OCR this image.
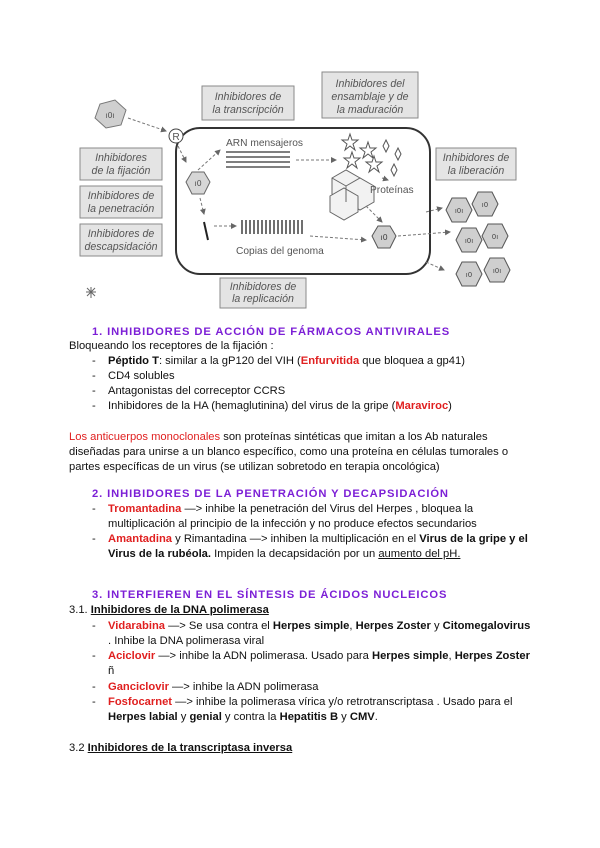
Inhibidores de
la transcripción
Inhibidores del
ensamblaje y de
la maduración
Inhibidores
de la fijación
Inhibidores de
la penetración
Inhibidores de
descapsidación
Inhibidores de
la liberación
Inhibidores de
la replicación
ı0ı
R
ı0
ARN mensajeros
Proteínas
Copias del genoma
ı0
ı0ı
ı0
ı0ı	0ı
ı0	ı0ı
1. INHIBIDORES DE ACCIÓN DE FÁRMACOS ANTIVIRALES
Bloqueando los receptores de la fijación :
- Péptido T: similar a la gP120 del VIH (Enfurvitida que bloquea a gp41)
- CD4 solubles
- Antagonistas del correceptor CCRS
- Inhibidores de la HA (hemaglutinina) del virus de la gripe (Maraviroc)
Los anticuerpos monoclonales son proteínas sintéticas que imitan a los Ab naturales
diseñadas para unirse a un blanco específico, como una proteína en células tumorales o
partes específicas de un virus (se utilizan sobretodo en terapia oncológica)
2. INHIBIDORES DE LA PENETRACIÓN Y DECAPSIDACIÓN
- Tromantadina —> inhibe la penetración del Virus del Herpes , bloquea la
multiplicación al principio de la infección y no produce efectos secundarios
- Amantadina y Rimantadina —> inhiben la multiplicación en el Virus de la gripe y el
Virus de la rubéola. Impiden la decapsidación por un aumento del pH.
3. INTERFIEREN EN EL SÍNTESIS DE ÁCIDOS NUCLEICOS
3.1. Inhibidores de la DNA polimerasa
- Vidarabina —> Se usa contra el Herpes simple, Herpes Zoster y Citomegalovirus
. Inhibe la DNA polimerasa viral
- Aciclovir —> inhibe la ADN polimerasa. Usado para Herpes simple, Herpes Zoster
ñ
- Ganciclovir —> inhibe la ADN polimerasa
- Fosfocarnet —> inhibe la polimerasa vírica y/o retrotranscriptasa . Usado para el
Herpes labial y genial y contra la Hepatitis B y CMV.
3.2 Inhibidores de la transcriptasa inversa
